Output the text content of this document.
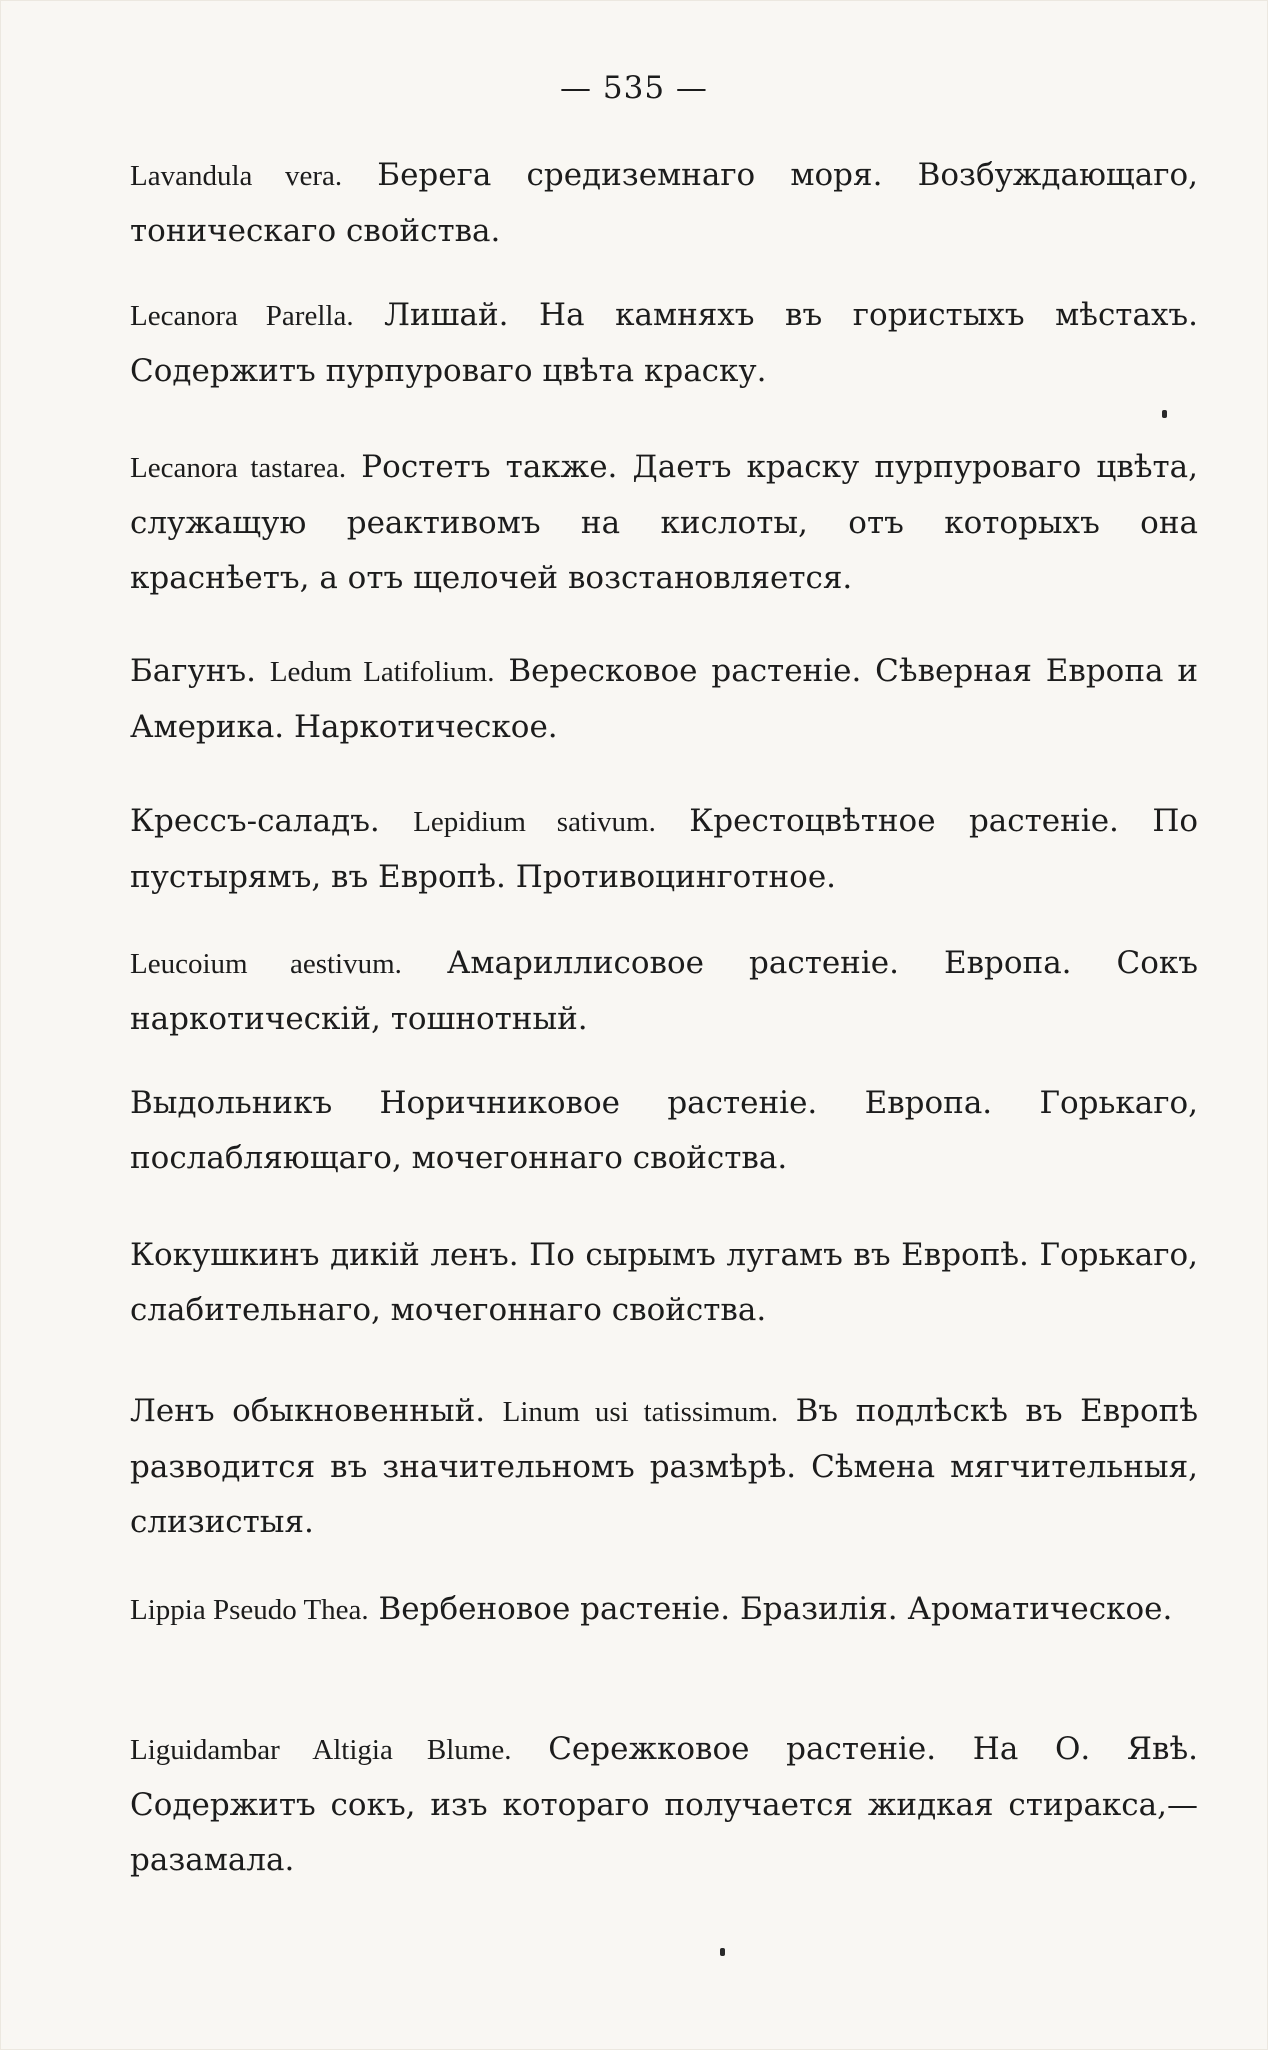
— 535 —

Lavandula vera. Берега средиземнаго моря. Возбуждающаго, тоническаго свойства.

Lecanora Parella. Лишай. На камняхъ въ гористыхъ мѣстахъ. Содержитъ пурпуроваго цвѣта краску.

Lecanora tastarea. Ростетъ также. Даетъ краску пурпуроваго цвѣта, служащую реактивомъ на кислоты, отъ которыхъ она краснѣетъ, а отъ щелочей возстановляется.

Багунъ. Ledum Latifolium. Вересковое растеніе. Сѣверная Европа и Америка. Наркотическое.

Крессъ-саладъ. Lepidium sativum. Крестоцвѣтное растеніе. По пустырямъ, въ Европѣ. Противоцинготное.

Leucoium aestivum. Амариллисовое растеніе. Европа. Сокъ наркотическій, тошнотный.

Выдольникъ Норичниковое растеніе. Европа. Горькаго, послабляющаго, мочегоннаго свойства.

Кокушкинъ дикій ленъ. По сырымъ лугамъ въ Европѣ. Горькаго, слабительнаго, мочегоннаго свойства.

Ленъ обыкновенный. Linum usi tatissimum. Въ подлѣскѣ въ Европѣ разводится въ значительномъ размѣрѣ. Сѣмена мягчительныя, слизистыя.

Lippia Pseudo Thea. Вербеновое растеніе. Бразилія. Ароматическое.

Liguidambar Altigia Blume. Сережковое растеніе. На О. Явѣ. Содержитъ сокъ, изъ котораго получается жидкая стиракса,—разамала.
